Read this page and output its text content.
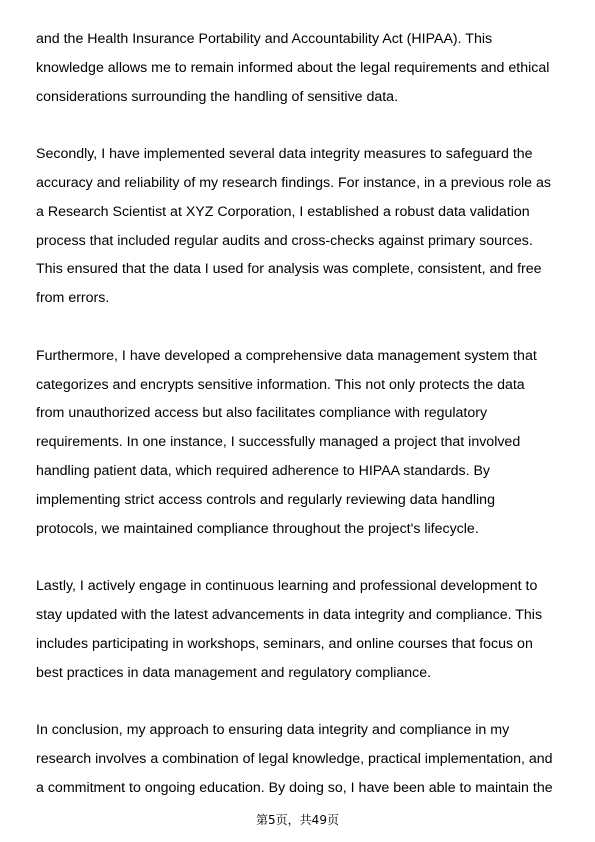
and the Health Insurance Portability and Accountability Act (HIPAA). This
knowledge allows me to remain informed about the legal requirements and ethical
considerations surrounding the handling of sensitive data.

Secondly, I have implemented several data integrity measures to safeguard the
accuracy and reliability of my research findings. For instance, in a previous role as
a Research Scientist at XYZ Corporation, I established a robust data validation
process that included regular audits and cross-checks against primary sources.
This ensured that the data I used for analysis was complete, consistent, and free
from errors.

Furthermore, I have developed a comprehensive data management system that
categorizes and encrypts sensitive information. This not only protects the data
from unauthorized access but also facilitates compliance with regulatory
requirements. In one instance, I successfully managed a project that involved
handling patient data, which required adherence to HIPAA standards. By
implementing strict access controls and regularly reviewing data handling
protocols, we maintained compliance throughout the project's lifecycle.

Lastly, I actively engage in continuous learning and professional development to
stay updated with the latest advancements in data integrity and compliance. This
includes participating in workshops, seminars, and online courses that focus on
best practices in data management and regulatory compliance.

In conclusion, my approach to ensuring data integrity and compliance in my
research involves a combination of legal knowledge, practical implementation, and
a commitment to ongoing education. By doing so, I have been able to maintain the

第5页，共49页
